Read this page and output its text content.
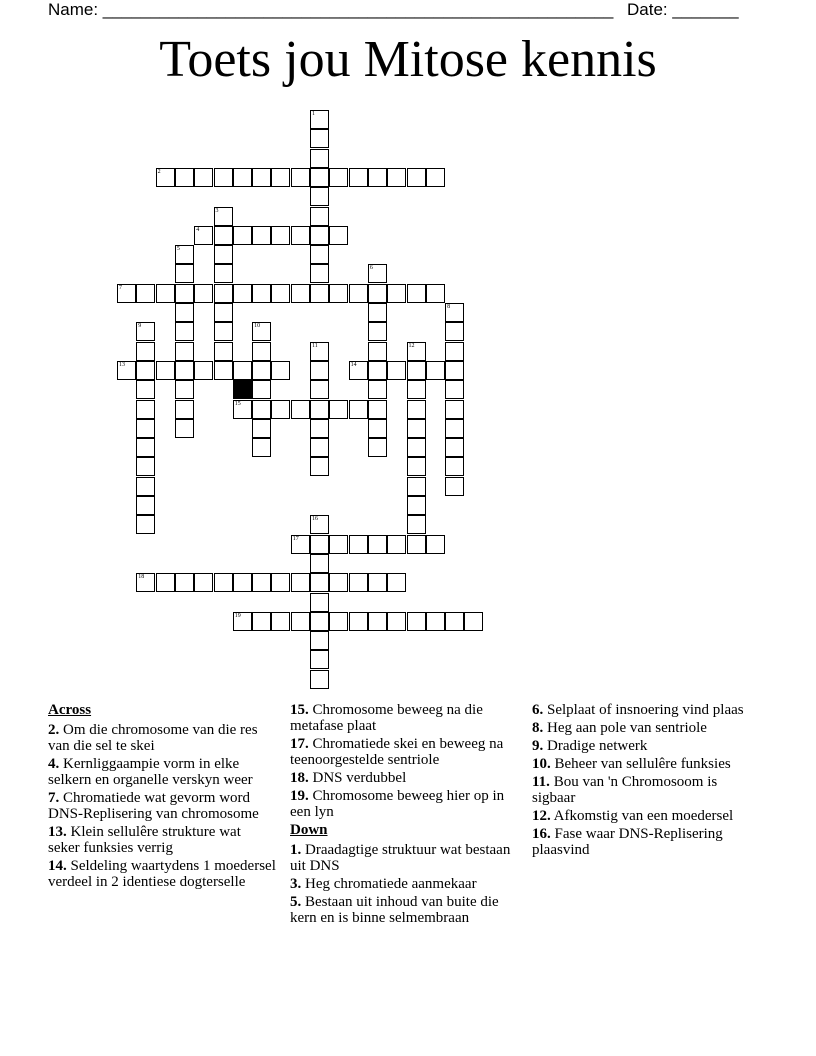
Name: ______________________________________________________ Date: _______
Toets jou Mitose kennis
1
2
3
4
5
6
7
8
9	10
11	12
13	14
15
16
17
18
19
Across
2. Om die chromosome van die res van die sel te skei
4. Kernliggaampie vorm in elke selkern en organelle verskyn weer
7. Chromatiede wat gevorm word DNS-Replisering van chromosome
13. Klein sellulêre strukture wat seker funksies verrig
14. Seldeling waartydens 1 moedersel verdeel in 2 identiese dogterselle
15. Chromosome beweeg na die metafase plaat
17. Chromatiede skei en beweeg na teenoorgestelde sentriole
18. DNS verdubbel
19. Chromosome beweeg hier op in een lyn
Down
1. Draadagtige struktuur wat bestaan uit DNS
3. Heg chromatiede aanmekaar
5. Bestaan uit inhoud van buite die kern en is binne selmembraan
6. Selplaat of insnoering vind plaas
8. Heg aan pole van sentriole
9. Dradige netwerk
10. Beheer van sellulêre funksies
11. Bou van 'n Chromosoom is sigbaar
12. Afkomstig van een moedersel
16. Fase waar DNS-Replisering plaasvind
